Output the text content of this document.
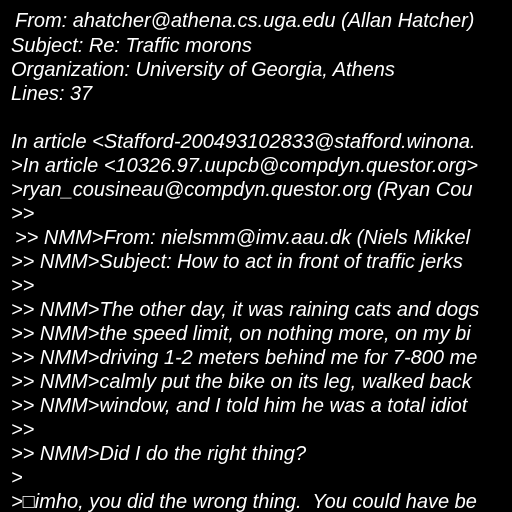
From: ahatcher@athena.cs.uga.edu (Allan Hatcher)
Subject: Re: Traffic morons
Organization: University of Georgia, Athens
Lines: 37
In article <Stafford-200493102833@stafford.winona.
>In article <10326.97.uupcb@compdyn.questor.org>
>ryan_cousineau@compdyn.questor.org (Ryan Cou
>>
>> NMM>From: nielsmm@imv.aau.dk (Niels Mikkel
>> NMM>Subject: How to act in front of traffic jerks
>>
>> NMM>The other day, it was raining cats and dogs
>> NMM>the speed limit, on nothing more, on my bi
>> NMM>driving 1-2 meters behind me for 7-800 me
>> NMM>calmly put the bike on its leg, walked back
>> NMM>window, and I told him he was a total idiot
>>
>> NMM>Did I do the right thing?
>
>□imho, you did the wrong thing.  You could have be
